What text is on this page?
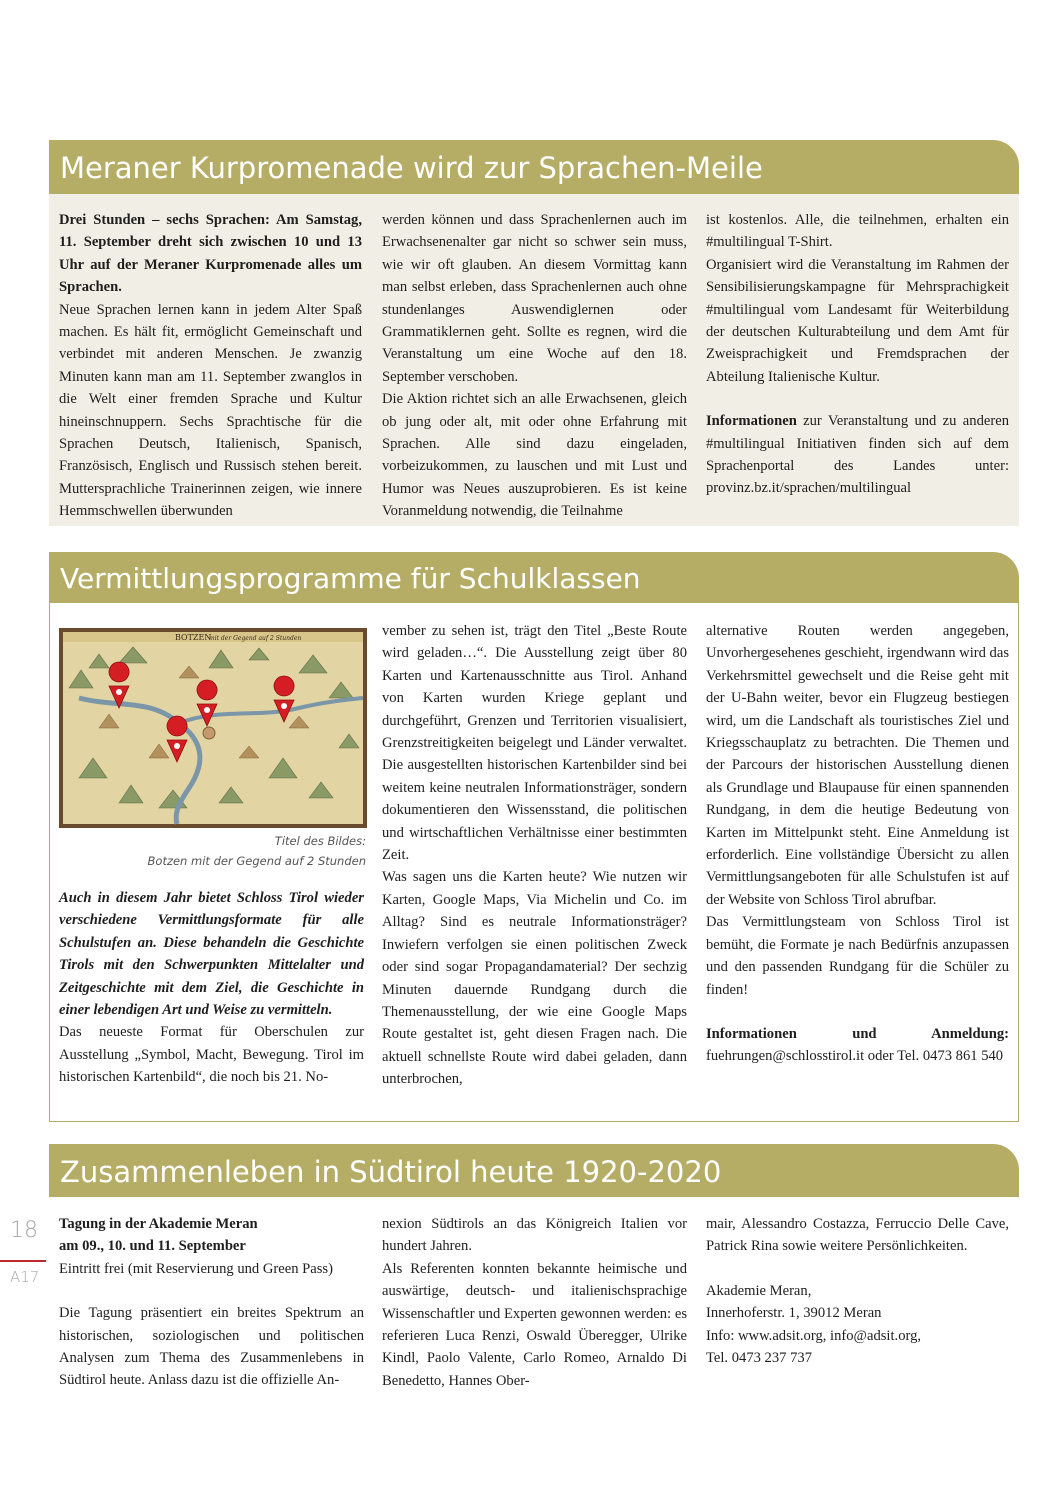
Meraner Kurpromenade wird zur Sprachen-Meile

Drei Stunden – sechs Sprachen: Am Samstag, 11. September dreht sich zwischen 10 und 13 Uhr auf der Meraner Kurpromenade alles um Sprachen.

Neue Sprachen lernen kann in jedem Alter Spaß machen. Es hält fit, ermöglicht Gemeinschaft und verbindet mit anderen Menschen. Je zwanzig Minuten kann man am 11. September zwanglos in die Welt einer fremden Sprache und Kultur hineinschnuppern. Sechs Sprachtische für die Sprachen Deutsch, Italienisch, Spanisch, Französisch, Englisch und Russisch stehen bereit. Muttersprachliche Trainerinnen zeigen, wie innere Hemmschwellen überwunden

werden können und dass Sprachenlernen auch im Erwachsenenalter gar nicht so schwer sein muss, wie wir oft glauben. An diesem Vormittag kann man selbst erleben, dass Sprachenlernen auch ohne stundenlanges Auswendiglernen oder Grammatiklernen geht. Sollte es regnen, wird die Veranstaltung um eine Woche auf den 18. September verschoben.

Die Aktion richtet sich an alle Erwachsenen, gleich ob jung oder alt, mit oder ohne Erfahrung mit Sprachen. Alle sind dazu eingeladen, vorbeizukommen, zu lauschen und mit Lust und Humor was Neues auszuprobieren. Es ist keine Voranmeldung notwendig, die Teilnahme

ist kostenlos. Alle, die teilnehmen, erhalten ein #multilingual T-Shirt.

Organisiert wird die Veranstaltung im Rahmen der Sensibilisierungskampagne für Mehrsprachigkeit #multilingual vom Landesamt für Weiterbildung der deutschen Kulturabteilung und dem Amt für Zweisprachigkeit und Fremdsprachen der Abteilung Italienische Kultur.

Informationen zur Veranstaltung und zu anderen #multilingual Initiativen finden sich auf dem Sprachenportal des Landes unter: provinz.bz.it/sprachen/multilingual

Vermittlungsprogramme für Schulklassen
BOTZEN
mit der Gegend auf 2 Stunden
Titel des Bildes:
Botzen mit der Gegend auf 2 Stunden

Auch in diesem Jahr bietet Schloss Tirol wieder verschiedene Vermittlungsformate für alle Schulstufen an. Diese behandeln die Geschichte Tirols mit den Schwerpunkten Mittelalter und Zeitgeschichte mit dem Ziel, die Geschichte in einer lebendigen Art und Weise zu vermitteln.

Das neueste Format für Oberschulen zur Ausstellung „Symbol, Macht, Bewegung. Tirol im historischen Kartenbild“, die noch bis 21. No-

vember zu sehen ist, trägt den Titel „Beste Route wird geladen…“. Die Ausstellung zeigt über 80 Karten und Kartenausschnitte aus Tirol. Anhand von Karten wurden Kriege geplant und durchgeführt, Grenzen und Territorien visualisiert, Grenzstreitigkeiten beigelegt und Länder verwaltet. Die ausgestellten historischen Kartenbilder sind bei weitem keine neutralen Informationsträger, sondern dokumentieren den Wissensstand, die politischen und wirtschaftlichen Verhältnisse einer bestimmten Zeit.

Was sagen uns die Karten heute? Wie nutzen wir Karten, Google Maps, Via Michelin und Co. im Alltag? Sind es neutrale Informationsträger? Inwiefern verfolgen sie einen politischen Zweck oder sind sogar Propagandamaterial? Der sechzig Minuten dauernde Rundgang durch die Themenausstellung, der wie eine Google Maps Route gestaltet ist, geht diesen Fragen nach. Die aktuell schnellste Route wird dabei geladen, dann unterbrochen,

alternative Routen werden angegeben, Unvorhergesehenes geschieht, irgendwann wird das Verkehrsmittel gewechselt und die Reise geht mit der U-Bahn weiter, bevor ein Flugzeug bestiegen wird, um die Landschaft als touristisches Ziel und Kriegsschauplatz zu betrachten. Die Themen und der Parcours der historischen Ausstellung dienen als Grundlage und Blaupause für einen spannenden Rundgang, in dem die heutige Bedeutung von Karten im Mittelpunkt steht. Eine Anmeldung ist erforderlich. Eine vollständige Übersicht zu allen Vermittlungsangeboten für alle Schulstufen ist auf der Website von Schloss Tirol abrufbar.

Das Vermittlungsteam von Schloss Tirol ist bemüht, die Formate je nach Bedürfnis anzupassen und den passenden Rundgang für die Schüler zu finden!

Informationen und Anmeldung: fuehrungen@schlosstirol.it oder Tel. 0473 861 540

Zusammenleben in Südtirol heute 1920-2020

Tagung in der Akademie Meran

am 09., 10. und 11. September

Eintritt frei (mit Reservierung und Green Pass)

Die Tagung präsentiert ein breites Spektrum an historischen, soziologischen und politischen Analysen zum Thema des Zusammenlebens in Südtirol heute. Anlass dazu ist die offizielle An-

nexion Südtirols an das Königreich Italien vor hundert Jahren.

Als Referenten konnten bekannte heimische und auswärtige, deutsch- und italienischsprachige Wissenschaftler und Experten gewonnen werden: es referieren Luca Renzi, Oswald Überegger, Ulrike Kindl, Paolo Valente, Carlo Romeo, Arnaldo Di Benedetto, Hannes Ober-

mair, Alessandro Costazza, Ferruccio Delle Cave, Patrick Rina sowie weitere Persönlichkeiten.

Akademie Meran,

Innerhoferstr. 1, 39012 Meran

Info: www.adsit.org, info@adsit.org,

Tel. 0473 237 737

18
A17
